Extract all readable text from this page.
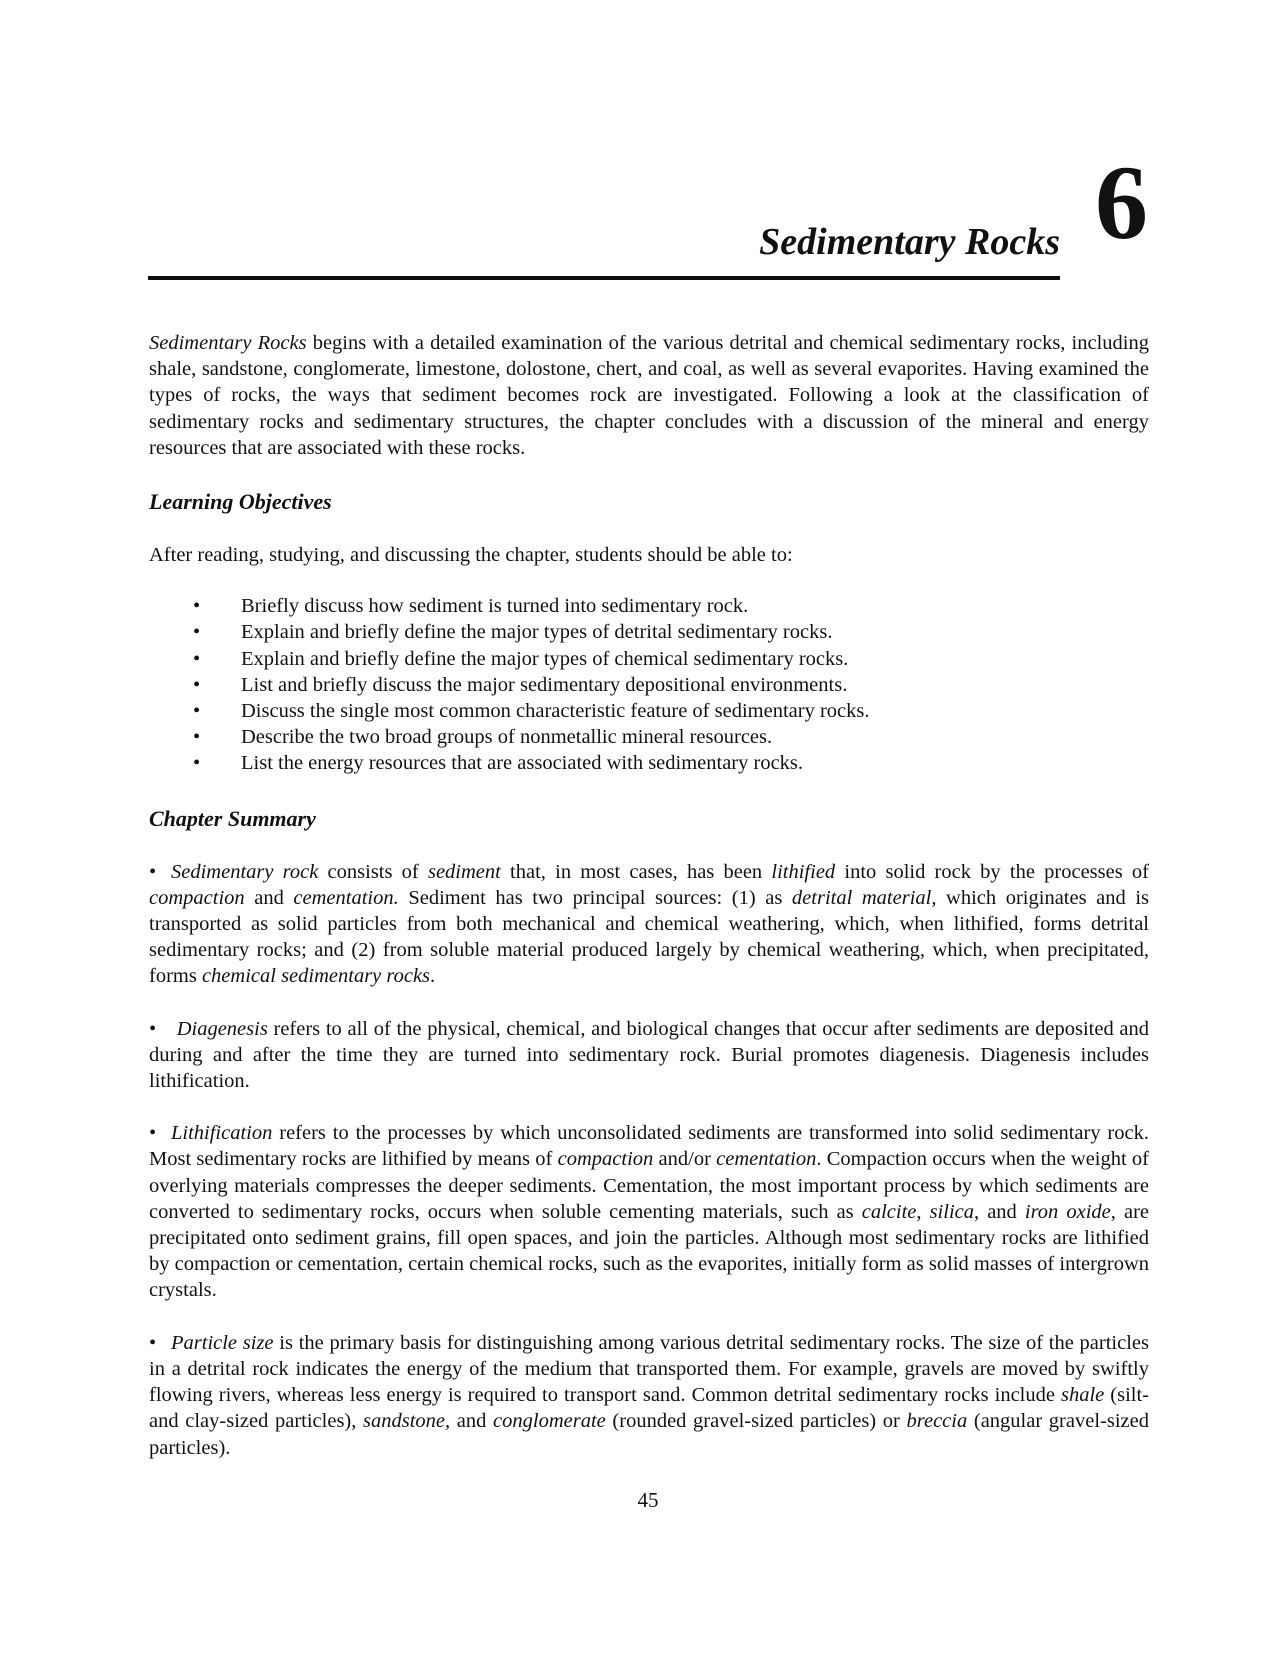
Sedimentary Rocks 6

Sedimentary Rocks begins with a detailed examination of the various detrital and chemical sedimentary rocks, including shale, sandstone, conglomerate, limestone, dolostone, chert, and coal, as well as several evaporites. Having examined the types of rocks, the ways that sediment becomes rock are investigated. Following a look at the classification of sedimentary rocks and sedimentary structures, the chapter concludes with a discussion of the mineral and energy resources that are associated with these rocks.

Learning Objectives

After reading, studying, and discussing the chapter, students should be able to:

• Briefly discuss how sediment is turned into sedimentary rock.
• Explain and briefly define the major types of detrital sedimentary rocks.
• Explain and briefly define the major types of chemical sedimentary rocks.
• List and briefly discuss the major sedimentary depositional environments.
• Discuss the single most common characteristic feature of sedimentary rocks.
• Describe the two broad groups of nonmetallic mineral resources.
• List the energy resources that are associated with sedimentary rocks.
Chapter Summary

• Sedimentary rock consists of sediment that, in most cases, has been lithified into solid rock by the processes of compaction and cementation. Sediment has two principal sources: (1) as detrital material, which originates and is transported as solid particles from both mechanical and chemical weathering, which, when lithified, forms detrital sedimentary rocks; and (2) from soluble material produced largely by chemical weathering, which, when precipitated, forms chemical sedimentary rocks.

• Diagenesis refers to all of the physical, chemical, and biological changes that occur after sediments are deposited and during and after the time they are turned into sedimentary rock. Burial promotes diagenesis. Diagenesis includes lithification.

• Lithification refers to the processes by which unconsolidated sediments are transformed into solid sedimentary rock. Most sedimentary rocks are lithified by means of compaction and/or cementation. Compaction occurs when the weight of overlying materials compresses the deeper sediments. Cementation, the most important process by which sediments are converted to sedimentary rocks, occurs when soluble cementing materials, such as calcite, silica, and iron oxide, are precipitated onto sediment grains, fill open spaces, and join the particles. Although most sedimentary rocks are lithified by compaction or cementation, certain chemical rocks, such as the evaporites, initially form as solid masses of intergrown crystals.

• Particle size is the primary basis for distinguishing among various detrital sedimentary rocks. The size of the particles in a detrital rock indicates the energy of the medium that transported them. For example, gravels are moved by swiftly flowing rivers, whereas less energy is required to transport sand. Common detrital sedimentary rocks include shale (silt-and clay-sized particles), sandstone, and conglomerate (rounded gravel-sized particles) or breccia (angular gravel-sized particles).

45
